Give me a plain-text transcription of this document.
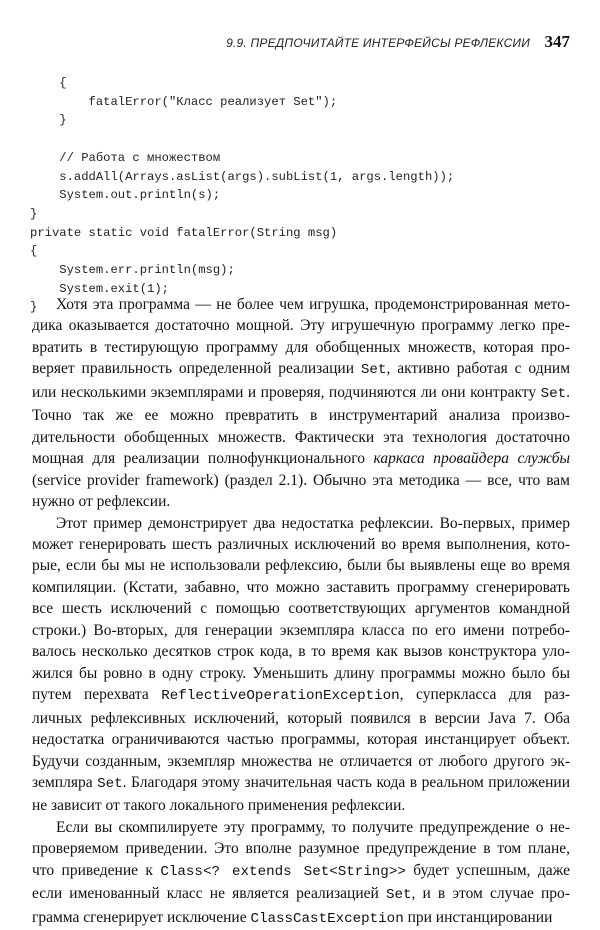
9.9. ПРЕДПОЧИТАЙТЕ ИНТЕРФЕЙСЫ РЕФЛЕКСИИ 347
{
fatalError("Класс реализует Set");
}

// Работа с множеством
s.addAll(Arrays.asList(args).subList(1, args.length));
System.out.println(s);
}
private static void fatalError(String msg)
{
System.err.println(msg);
System.exit(1);
}	Хотя эта программа — не более чем игрушка, продемонстрированная методика оказывается достаточно мощной. Эту игрушечную программу легко превратить в тестирующую программу для обобщенных множеств, которая проверяет правильность определенной реализации Set, активно работая с одним или несколькими экземплярами и проверяя, подчиняются ли они контракту Set. Точно так же ее можно превратить в инструментарий анализа производительности обобщенных множеств. Фактически эта технология достаточно мощная для реализации полнофункционального каркаса провайдера службы (service provider framework) (раздел 2.1). Обычно эта методика — все, что вам нужно от рефлексии.

Этот пример демонстрирует два недостатка рефлексии. Во-первых, пример может генерировать шесть различных исключений во время выполнения, которые, если бы мы не использовали рефлексию, были бы выявлены еще во время компиляции. (Кстати, забавно, что можно заставить программу сгенерировать все шесть исключений с помощью соответствующих аргументов командной строки.) Во-вторых, для генерации экземпляра класса по его имени потребовалось несколько десятков строк кода, в то время как вызов конструктора уложился бы ровно в одну строку. Уменьшить длину программы можно было бы путем перехвата ReflectiveOperationException, суперкласса для различных рефлексивных исключений, который появился в версии Java 7. Оба недостатка ограничиваются частью программы, которая инстанцирует объект. Будучи созданным, экземпляр множества не отличается от любого другого экземпляра Set. Благодаря этому значительная часть кода в реальном приложении не зависит от такого локального применения рефлексии.

Если вы скомпилируете эту программу, то получите предупреждение о непроверяемом приведении. Это вполне разумное предупреждение в том плане, что приведение к Class<? extends Set<String>> будет успешным, даже если именованный класс не является реализацией Set, и в этом случае программа сгенерирует исключение ClassCastException при инстанцировании
